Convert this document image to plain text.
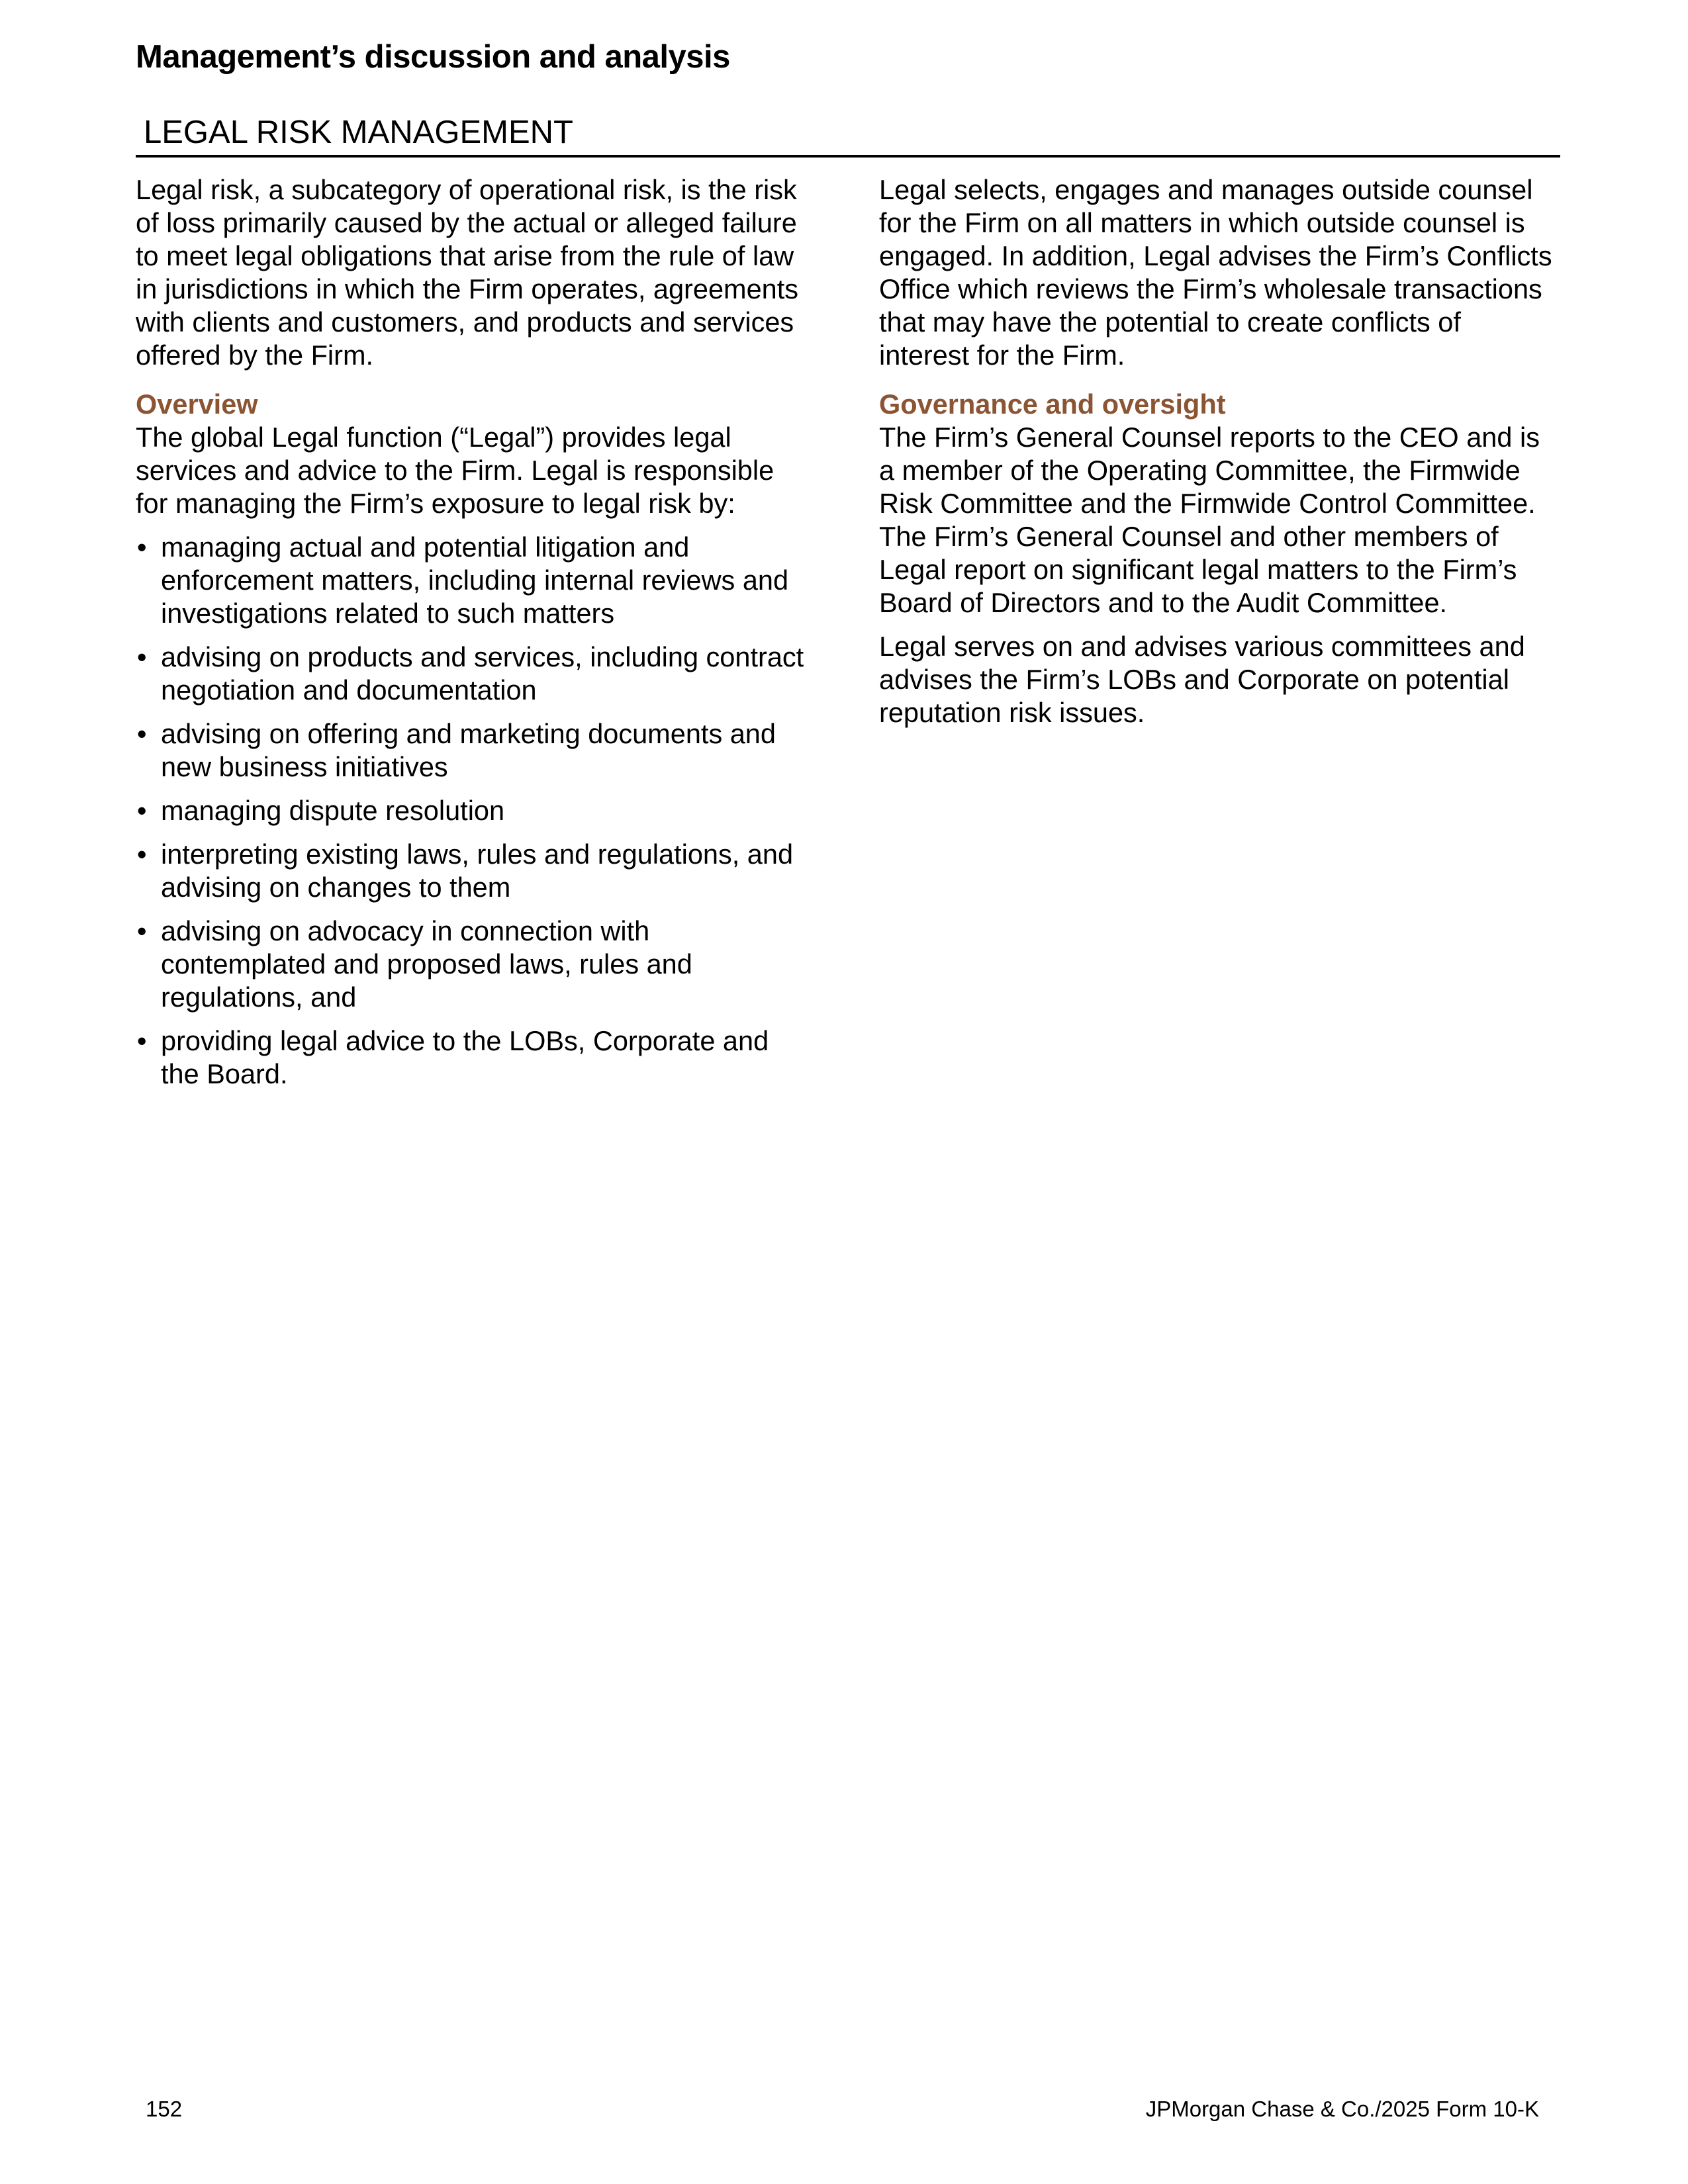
Management’s discussion and analysis
LEGAL RISK MANAGEMENT

Legal risk, a subcategory of operational risk, is the risk of loss primarily caused by the actual or alleged failure to meet legal obligations that arise from the rule of law in jurisdictions in which the Firm operates, agreements with clients and customers, and products and services offered by the Firm.

Overview

The global Legal function (“Legal”) provides legal services and advice to the Firm. Legal is responsible for managing the Firm’s exposure to legal risk by:

• managing actual and potential litigation and enforcement matters, including internal reviews and investigations related to such matters
• advising on products and services, including contract negotiation and documentation
• advising on offering and marketing documents and new business initiatives
• managing dispute resolution
• interpreting existing laws, rules and regulations, and advising on changes to them
• advising on advocacy in connection with contemplated and proposed laws, rules and regulations, and
• providing legal advice to the LOBs, Corporate and the Board.

Legal selects, engages and manages outside counsel for the Firm on all matters in which outside counsel is engaged. In addition, Legal advises the Firm’s Conflicts Office which reviews the Firm’s wholesale transactions that may have the potential to create conflicts of interest for the Firm.

Governance and oversight

The Firm’s General Counsel reports to the CEO and is a member of the Operating Committee, the Firmwide Risk Committee and the Firmwide Control Committee. The Firm’s General Counsel and other members of Legal report on significant legal matters to the Firm’s Board of Directors and to the Audit Committee.

Legal serves on and advises various committees and advises the Firm’s LOBs and Corporate on potential reputation risk issues.

152	JPMorgan Chase & Co./2025 Form 10-K
